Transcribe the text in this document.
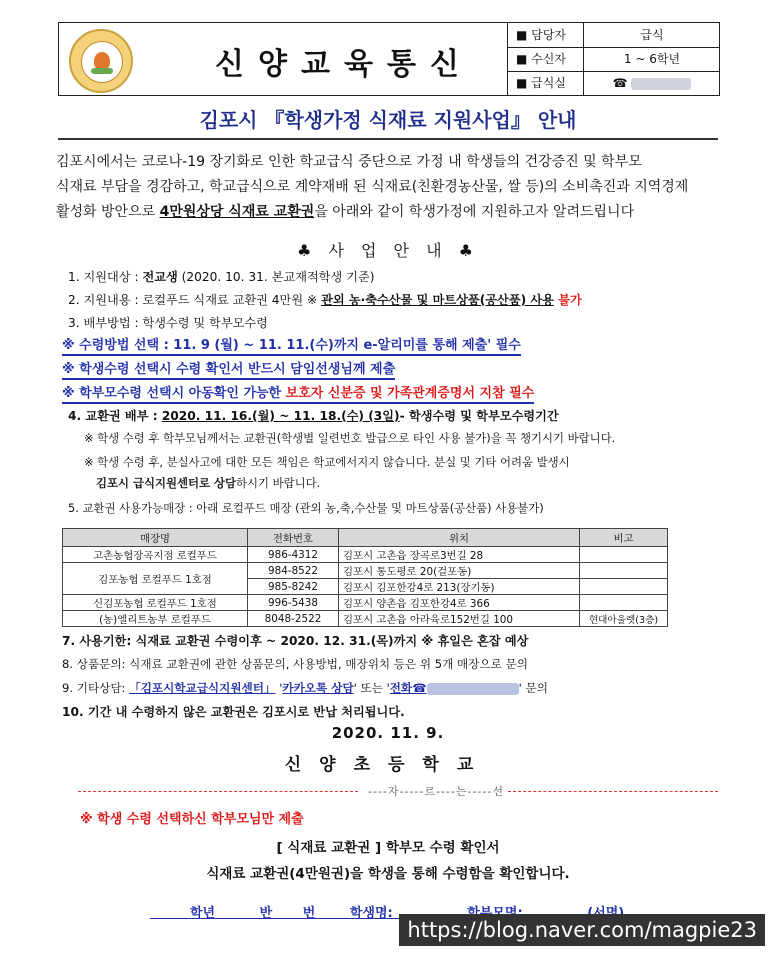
신양교육통신
■ 담당자	급식
■ 수신자	1 ~ 6학년
■ 급식실	☎
김포시 『학생가정 식재료 지원사업』 안내
김포시에서는 코로나-19 장기화로 인한 학교급식 중단으로 가정 내 학생들의 건강증진 및 학부모
식재료 부담을 경감하고, 학교급식으로 계약재배 된 식재료(친환경농산물, 쌀 등)의 소비촉진과 지역경제
활성화 방안으로 4만원상당 식재료 교환권을 아래와 같이 학생가정에 지원하고자 알려드립니다
♣ 사 업 안 내 ♣
1. 지원대상 : 전교생 (2020. 10. 31. 본교재적학생 기준)
2. 지원내용 : 로컬푸드 식재료 교환권 4만원 ※ 관외 농·축수산물 및 마트상품(공산품) 사용 불가
3. 배부방법 : 학생수령 및 학부모수령
※ 수령방법 선택 : 11. 9 (월) ~ 11. 11.(수)까지 e-알리미를 통해 제출' 필수
※ 학생수령 선택시 수령 확인서 반드시 담임선생님께 제출
※ 학부모수령 선택시 아동확인 가능한 보호자 신분증 및 가족관계증명서 지참 필수
4. 교환권 배부 : 2020. 11. 16.(월) ~ 11. 18.(수) (3일)- 학생수령 및 학부모수령기간
※ 학생 수령 후 학부모님께서는 교환권(학생별 일련번호 발급으로 타인 사용 불가)을 꼭 챙기시기 바랍니다.
※ 학생 수령 후, 분실사고에 대한 모든 책임은 학교에서지지 않습니다. 분실 및 기타 어려움 발생시
김포시 급식지원센터로 상담하시기 바랍니다.
5. 교환권 사용가능매장 : 아래 로컬푸드 매장 (관외 농,축,수산물 및 마트상품(공산품) 사용불가)
매장명	전화번호	위치	비고
고촌농협장곡지점 로컬푸드	986-4312	김포시 고촌읍 장곡로3번길 28	
김포농협 로컬푸드 1호점	984-8522	김포시 통도평로 20(걸포동)	
	985-8242	김포시 김포한강4로 213(장기동)	
신김포농협 로컬푸드 1호점	996-5438	김포시 양촌읍 김포한강4로 366	
(농)엘리트농부 로컬푸드	8048-2522	김포시 고촌읍 아라육로152번길 100	현대아울렛(3층)
7. 사용기한: 식재료 교환권 수령이후 ~ 2020. 12. 31.(목)까지 ※ 휴일은 혼잡 예상
8. 상품문의: 식재료 교환권에 관한 상품문의, 사용방법, 매장위치 등은 위 5개 매장으로 문의
9. 기타상담: 「김포시학교급식지원센터」 '카카오톡 상담' 또는 '전화☎	' 문의
10. 기간 내 수령하지 않은 교환권은 김포시로 반납 처리됩니다.
2020. 11. 9.
신양초등학교
----자-----르----는-----선
※ 학생 수령 선택하신 학부모님만 제출
[ 식재료 교환권 ] 학부모 수령 확인서
식재료 교환권(4만원권)을 학생을 통해 수령함을 확인합니다.
학년	반 번	학생명:
https://blog.naver.com/magpie23
